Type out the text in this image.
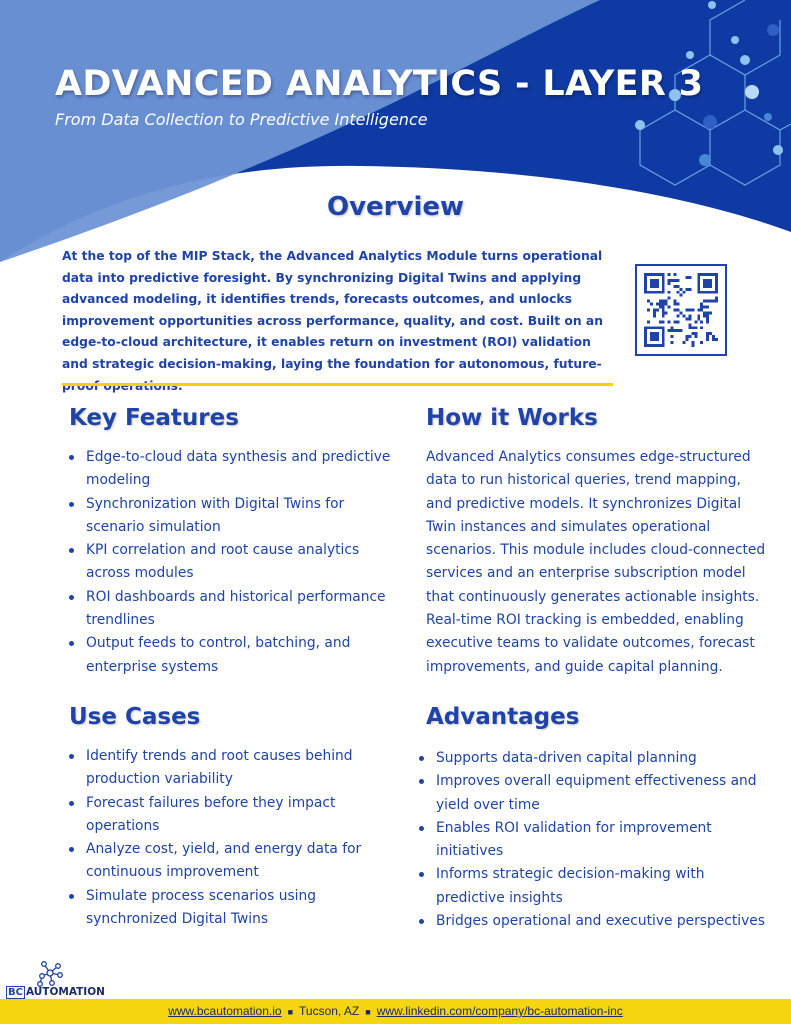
ADVANCED ANALYTICS - LAYER 3
From Data Collection to Predictive Intelligence
Overview

At the top of the MIP Stack, the Advanced Analytics Module turns operational data into predictive foresight. By synchronizing Digital Twins and applying advanced modeling, it identifies trends, forecasts outcomes, and unlocks improvement opportunities across performance, quality, and cost. Built on an edge-to-cloud architecture, it enables return on investment (ROI) validation and strategic decision-making, laying the foundation for autonomous, future-

Key Features
Edge-to-cloud data synthesis and predictive modeling
Synchronization with Digital Twins for scenario simulation
KPI correlation and root cause analytics across modules
ROI dashboards and historical performance trendlines
Output feeds to control, batching, and enterprise systems
How it Works

Advanced Analytics consumes edge-structured data to run historical queries, trend mapping, and predictive models. It synchronizes Digital Twin instances and simulates operational scenarios. This module includes cloud-connected services and an enterprise subscription model that continuously generates actionable insights. Real-time ROI tracking is embedded, enabling executive teams to validate outcomes, forecast improvements, and guide capital planning.

Use Cases
Identify trends and root causes behind production variability
Forecast failures before they impact operations
Analyze cost, yield, and energy data for continuous improvement
Simulate process scenarios using synchronized Digital Twins
Advantages
Supports data-driven capital planning
Improves overall equipment effectiveness and yield over time
Enables ROI validation for improvement initiatives
Informs strategic decision-making with predictive insights
Bridges operational and executive perspectives
BC AUTOMATION
www.bcautomation.io ■ Tucson, AZ ■ www.linkedin.com/company/bc-automation-inc
